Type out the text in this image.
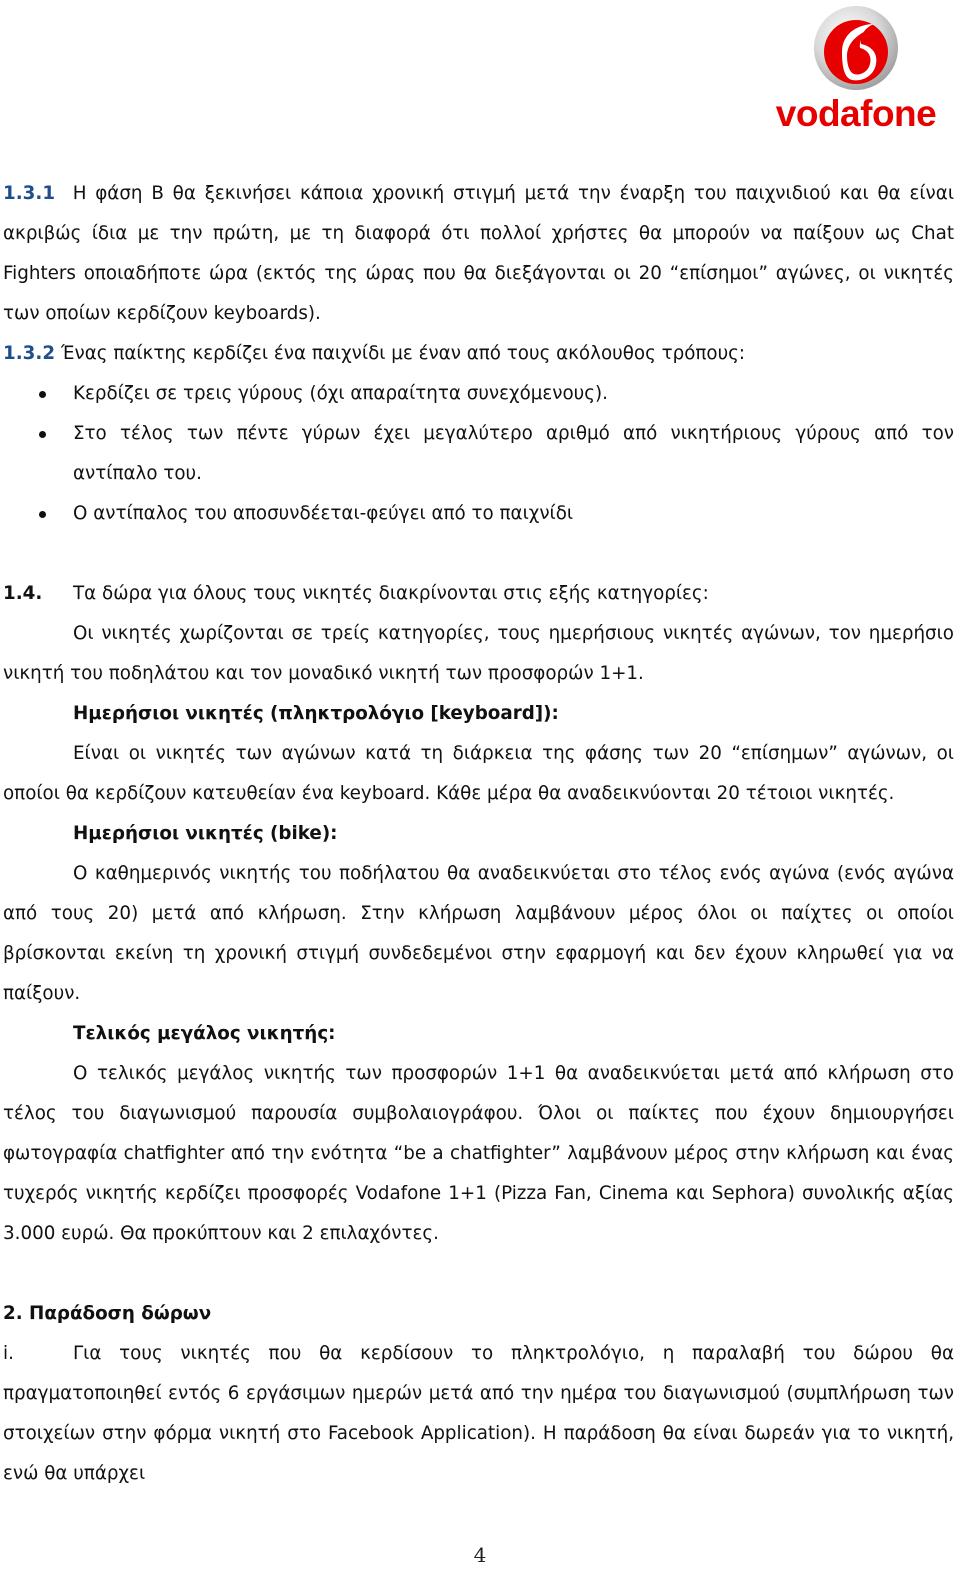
vodafone

1.3.1 Η φάση Β θα ξεκινήσει κάποια χρονική στιγμή μετά την έναρξη του παιχνιδιού και θα είναι ακριβώς ίδια με την πρώτη, με τη διαφορά ότι πολλοί χρήστες θα μπορούν να παίξουν ως Chat Fighters οποιαδήποτε ώρα (εκτός της ώρας που θα διεξάγονται οι 20 “επίσημοι” αγώνες, οι νικητές των οποίων κερδίζουν keyboards).

1.3.2 Ένας παίκτης κερδίζει ένα παιχνίδι με έναν από τους ακόλουθος τρόπους:

Κερδίζει σε τρεις γύρους (όχι απαραίτητα συνεχόμενους).
Στο τέλος των πέντε γύρων έχει μεγαλύτερο αριθμό από νικητήριους γύρους από τον αντίπαλο του.
Ο αντίπαλος του αποσυνδέεται-φεύγει από το παιχνίδι

1.4. Τα δώρα για όλους τους νικητές διακρίνονται στις εξής κατηγορίες:

Οι νικητές χωρίζονται σε τρείς κατηγορίες, τους ημερήσιους νικητές αγώνων, τον ημερήσιο νικητή του ποδηλάτου και τον μοναδικό νικητή των προσφορών 1+1.

Ημερήσιοι νικητές (πληκτρολόγιο [keyboard]):

Είναι οι νικητές των αγώνων κατά τη διάρκεια της φάσης των 20 “επίσημων” αγώνων, οι οποίοι θα κερδίζουν κατευθείαν ένα keyboard. Κάθε μέρα θα αναδεικνύονται 20 τέτοιοι νικητές.

Ημερήσιοι νικητές (bike):

Ο καθημερινός νικητής του ποδήλατου θα αναδεικνύεται στο τέλος ενός αγώνα (ενός αγώνα από τους 20) μετά από κλήρωση. Στην κλήρωση λαμβάνουν μέρος όλοι οι παίχτες οι οποίοι βρίσκονται εκείνη τη χρονική στιγμή συνδεδεμένοι στην εφαρμογή και δεν έχουν κληρωθεί για να παίξουν.

Τελικός μεγάλος νικητής:

Ο τελικός μεγάλος νικητής των προσφορών 1+1 θα αναδεικνύεται μετά από κλήρωση στο τέλος του διαγωνισμού παρουσία συμβολαιογράφου. Όλοι οι παίκτες που έχουν δημιουργήσει φωτογραφία chatfighter από την ενότητα “be a chatfighter” λαμβάνουν μέρος στην κλήρωση και ένας τυχερός νικητής κερδίζει προσφορές Vodafone 1+1 (Pizza Fan, Cinema και Sephora) συνολικής αξίας 3.000 ευρώ. Θα προκύπτουν και 2 επιλαχόντες.

2. Παράδοση δώρων

i.	Για τους νικητές που θα κερδίσουν το πληκτρολόγιο, η παραλαβή του δώρου θα πραγματοποιηθεί εντός 6 εργάσιμων ημερών μετά από την ημέρα του διαγωνισμού (συμπλήρωση των στοιχείων στην φόρμα νικητή στο Facebook Application). Η παράδοση θα είναι δωρεάν για το νικητή, ενώ θα υπάρχει

4
